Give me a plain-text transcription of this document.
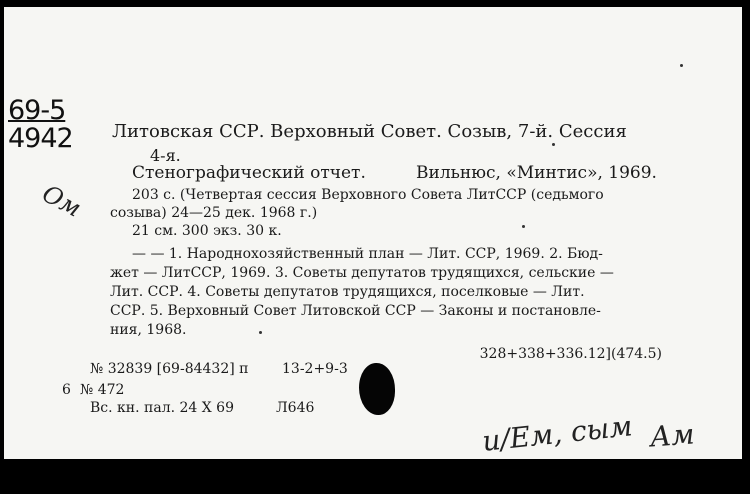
69-5
4942
Ом
Литовская ССР. Верховный Совет. Созыв, 7-й. Сессия
4-я.
Стенографический отчет.	Вильнюс, «Минтис», 1969.
203 с. (Четвертая сессия Верховного Совета ЛитССР (седьмого
созыва) 24—25 дек. 1968 г.)
21 см. 300 экз. 30 к.
— — 1. Народнохозяйственный план — Лит. ССР, 1969. 2. Бюд-
жет — ЛитССР, 1969. 3. Советы депутатов трудящихся, сельские —
Лит. ССР. 4. Советы депутатов трудящихся, поселковые — Лит.
ССР. 5. Верховный Совет Литовской ССР — Законы и постановле-
ния, 1968.
328+338+336.12](474.5)
№ 32839 [69-84432] п 13-2+9-3
6 № 472
Вс. кн. пал. 24 X 69	Л646
и/Ем, сым Ам
